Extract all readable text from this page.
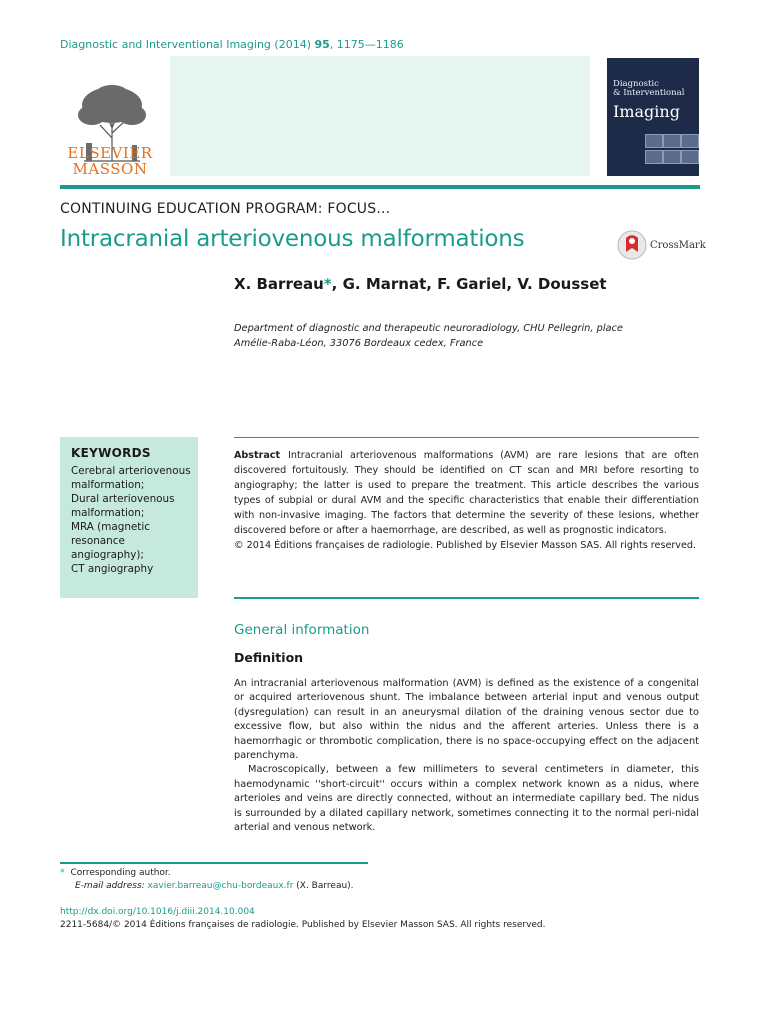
Diagnostic and Interventional Imaging (2014) 95, 1175—1186
ELSEVIER
MASSON
Diagnostic
& Interventional
Imaging
CONTINUING EDUCATION PROGRAM: FOCUS...
Intracranial arteriovenous malformations	CrossMark
X. Barreau*, G. Marnat, F. Gariel, V. Dousset
Department of diagnostic and therapeutic neuroradiology, CHU Pellegrin, place Amélie-Raba-Léon, 33076 Bordeaux cedex, France
KEYWORDS
Cerebral arteriovenous malformation;
Dural arteriovenous malformation;
MRA (magnetic resonance angiography);
CT angiography
Abstract Intracranial arteriovenous malformations (AVM) are rare lesions that are often discovered fortuitously. They should be identified on CT scan and MRI before resorting to angiography; the latter is used to prepare the treatment. This article describes the various types of subpial or dural AVM and the specific characteristics that enable their differentiation with non-invasive imaging. The factors that determine the severity of these lesions, whether discovered before or after a haemorrhage, are described, as well as prognostic indicators.
© 2014 Éditions françaises de radiologie. Published by Elsevier Masson SAS. All rights reserved.
General information
Definition

An intracranial arteriovenous malformation (AVM) is defined as the existence of a congenital or acquired arteriovenous shunt. The imbalance between arterial input and venous output (dysregulation) can result in an aneurysmal dilation of the draining venous sector due to excessive flow, but also within the nidus and the afferent arteries. Unless there is a haemorrhagic or thrombotic complication, there is no space-occupying effect on the adjacent parenchyma.

Macroscopically, between a few millimeters to several centimeters in diameter, this haemodynamic ''short-circuit'' occurs within a complex network known as a nidus, where arterioles and veins are directly connected, without an intermediate capillary bed. The nidus is surrounded by a dilated capillary network, sometimes connecting it to the normal peri-nidal arterial and venous network.

* Corresponding author.
E-mail address: xavier.barreau@chu-bordeaux.fr (X. Barreau).
http://dx.doi.org/10.1016/j.diii.2014.10.004
2211-5684/© 2014 Éditions françaises de radiologie. Published by Elsevier Masson SAS. All rights reserved.
